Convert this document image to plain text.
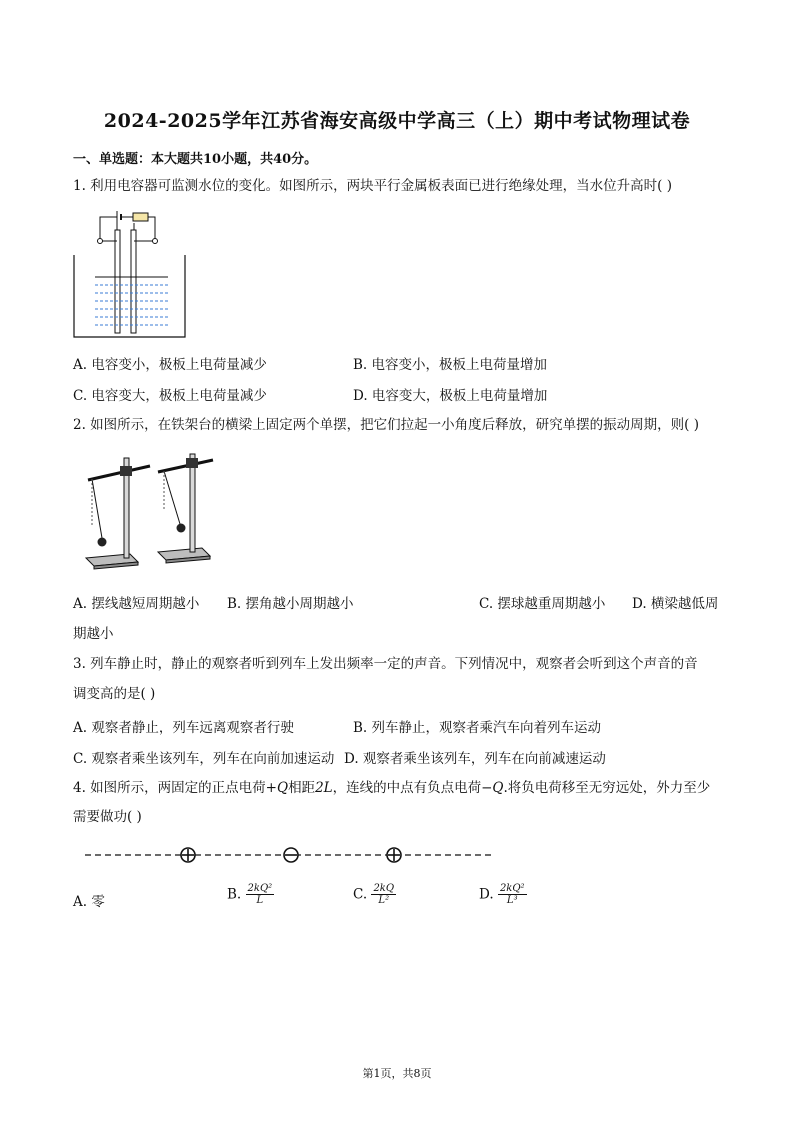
2024-2025学年江苏省海安高级中学高三（上）期中考试物理试卷
一、单选题：本大题共10小题，共40分。
1. 利用电容器可监测水位的变化。如图所示，两块平行金属板表面已进行绝缘处理，当水位升高时( )
A. 电容变小，极板上电荷量减少	B. 电容变小，极板上电荷量增加
C. 电容变大，极板上电荷量减少	D. 电容变大，极板上电荷量增加
2. 如图所示，在铁架台的横梁上固定两个单摆，把它们拉起一小角度后释放，研究单摆的振动周期，则( )
A. 摆线越短周期越小 B. 摆角越小周期越小	C. 摆球越重周期越小 D. 横梁越低周
期越小
3. 列车静止时，静止的观察者听到列车上发出频率一定的声音。下列情况中，观察者会听到这个声音的音
调变高的是( )
A. 观察者静止，列车远离观察者行驶	B. 列车静止，观察者乘汽车向着列车运动
C. 观察者乘坐该列车，列车在向前加速运动 D. 观察者乘坐该列车，列车在向前减速运动
4. 如图所示，两固定的正点电荷+Q相距2L，连线的中点有负点电荷−Q.将负电荷移至无穷远处，外力至少
需要做功( )
A. 零	B. $\frac{\text{2kQ²}}{L}$	C. $\frac{2kQ}{\text{L²}}$	D. $\frac{\text{2kQ²}}{\text{L³}}$
第1页，共8页
